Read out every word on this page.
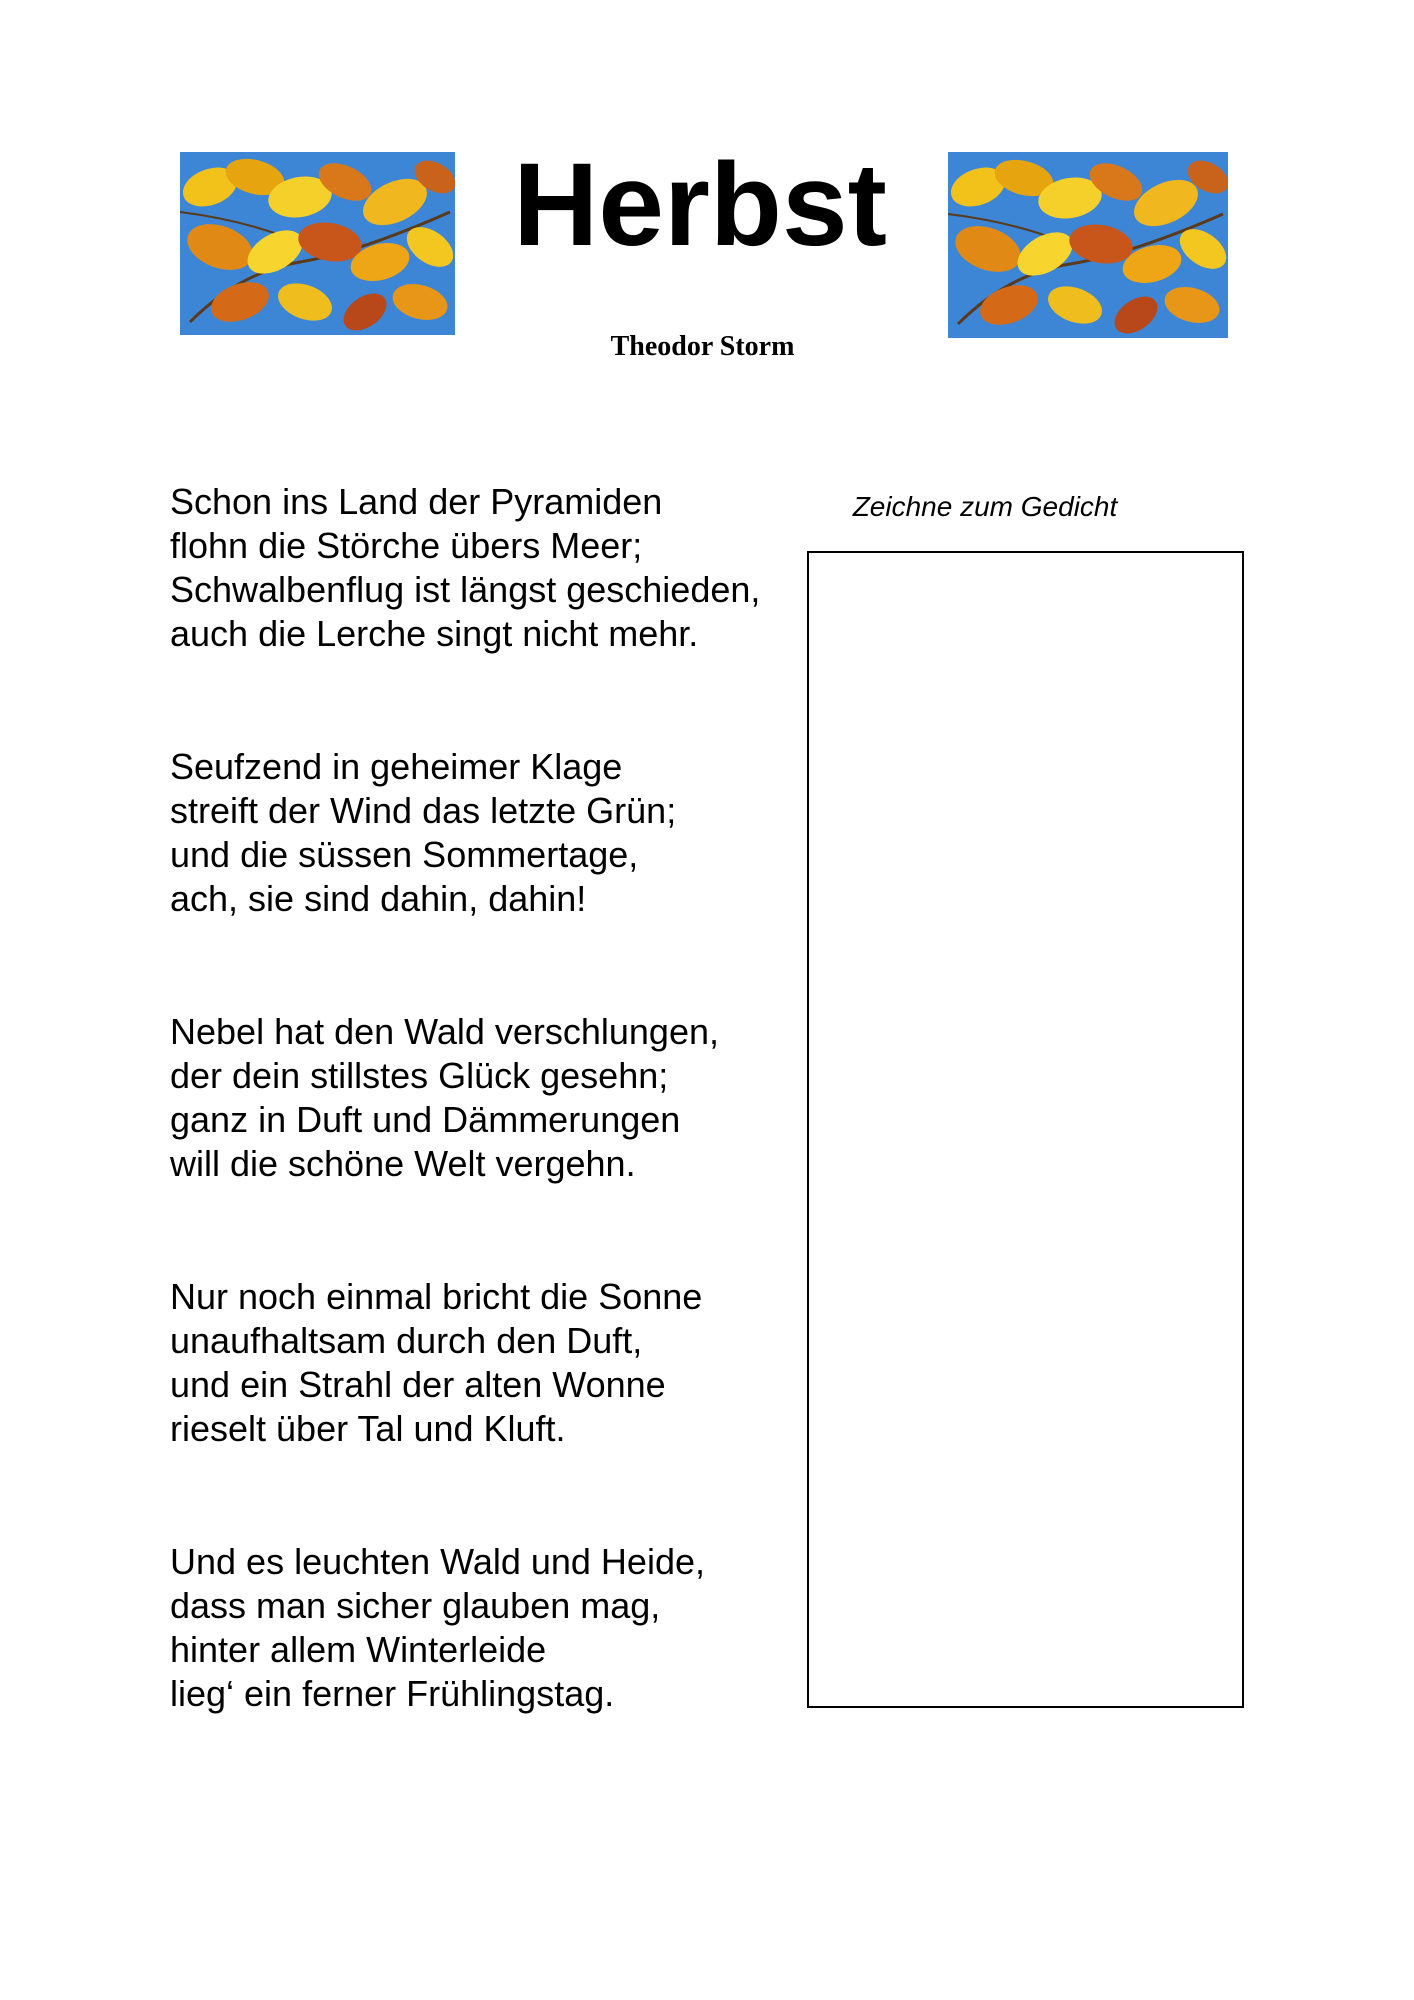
Herbst
Theodor Storm
Schon ins Land der Pyramiden
flohn die Störche übers Meer;
Schwalbenflug ist längst geschieden,
auch die Lerche singt nicht mehr.
Seufzend in geheimer Klage
streift der Wind das letzte Grün;
und die süssen Sommertage,
ach, sie sind dahin, dahin!
Nebel hat den Wald verschlungen,
der dein stillstes Glück gesehn;
ganz in Duft und Dämmerungen
will die schöne Welt vergehn.
Nur noch einmal bricht die Sonne
unaufhaltsam durch den Duft,
und ein Strahl der alten Wonne
rieselt über Tal und Kluft.
Und es leuchten Wald und Heide,
dass man sicher glauben mag,
hinter allem Winterleide
lieg‘ ein ferner Frühlingstag.
Zeichne zum Gedicht
